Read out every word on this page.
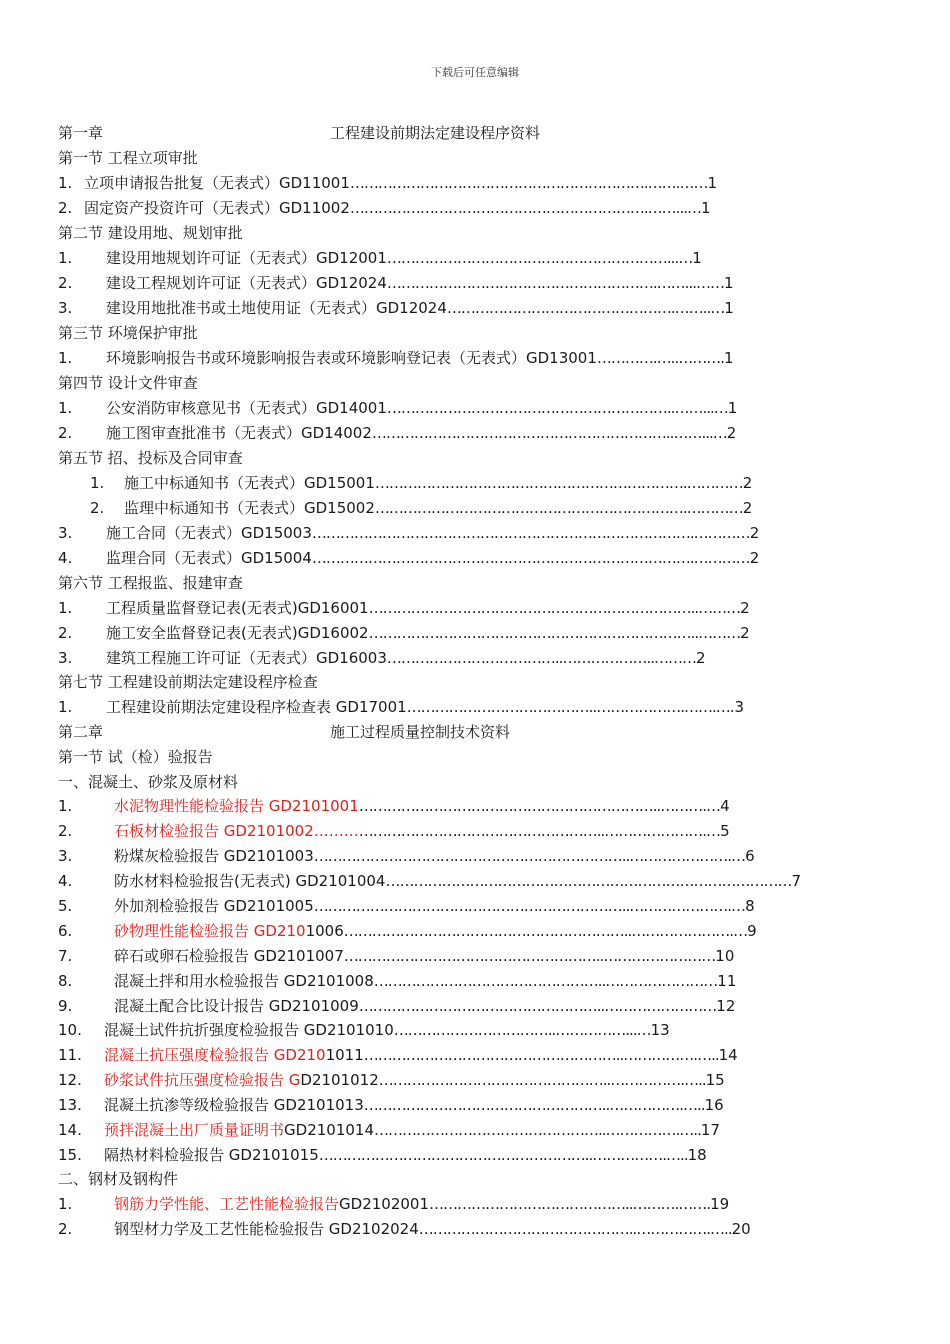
下载后可任意编辑
第一章	工程建设前期法定建设程序资料
第一节 工程立项审批
1. 立项申请报告批复（无表式）GD11001……………………………………………………….…….……1
2. 固定资产投资许可（无表式）GD11002……………………………………………………….……...…1
第二节 建设用地、规划审批
1. 建设用地规划许可证（无表式）GD12001……………………………………………………...…1
2. 建设工程规划许可证（无表式）GD12024………………………………………………….……...……1
3. 建设用地批准书或土地使用证（无表式）GD12024………………………………………….……..…1
第三节 环境保护审批
1. 环境影响报告书或环境影响报告表或环境影响登记表（无表式）GD13001………….…..……….1
第四节 设计文件审查
1. 公安消防审核意见书（无表式）GD14001……………………………………………………..……...…1
2. 施工图审查批准书（无表式）GD14002………………………………………………………..……...…2
第五节 招、投标及合同审查
1. 施工中标通知书（无表式）GD15001………………………………………………………….…………2
2. 监理中标通知书（无表式）GD15002………………………………………………………….…………2
3. 施工合同（无表式）GD15003……………………………………………………………………….…………2
4. 监理合同（无表式）GD15004……………………………………………………………………….…………2
第六节 工程报监、报建审查
1. 工程质量监督登记表(无表式)GD16001……………………………………………………………..………2
2. 施工安全监督登记表(无表式)GD16002……………………………………………………………..………2
3. 建筑工程施工许可证（无表式）GD16003………………………………..………………..………2
第七节 工程建设前期法定建设程序检查
1. 工程建设前期法定建设程序检查表 GD17001…………………………………..……………….…….….3
第二章	施工过程质量控制技术资料
第一节 试（检）验报告
一、混凝土、砂浆及原材料
1.	水泥物理性能检验报告 GD2101001………………………………………………………..……….…4
2.	石板材检验报告 GD2101002……………………………………………………..………………….…5
3.	粉煤灰检验报告 GD2101003…………………………………………………………..………………….…6
4.	防水材料检验报告(无表式) GD2101004……………………………………………………………………………7
5.	外加剂检验报告 GD2101005…………………………………………………………..………………….…8
6.	砂物理性能检验报告 GD2101006……………………………………………………..………………….…9
7.	碎石或卵石检验报告 GD2101007………………………………………………..……………………10
8.	混凝土拌和用水检验报告 GD2101008…………………………………………..……………………11
9.	混凝土配合比设计报告 GD2101009……………………………………………..……………………12
10. 混凝土试件抗折强度检验报告 GD2101010……………………………..……………...…13
11. 混凝土抗压强度检验报告 GD2101011………………………………………………..…………….…..14
12. 砂浆试件抗压强度检验报告 GD2101012…………………………………………..…………….…..15
13. 混凝土抗渗等级检验报告 GD2101013……………………………………………..…………….…..16
14. 预拌混凝土出厂质量证明书GD2101014…………………………………………..…………….…..17
15. 隔热材料检验报告 GD2101015…………………………………………………..…………….…..18
二、钢材及钢构件
1.	钢筋力学性能、工艺性能检验报告GD2102001……………………………………..……….…….19
2.	钢型材力学及工艺性能检验报告 GD2102024………………………………………..…………….…..20
